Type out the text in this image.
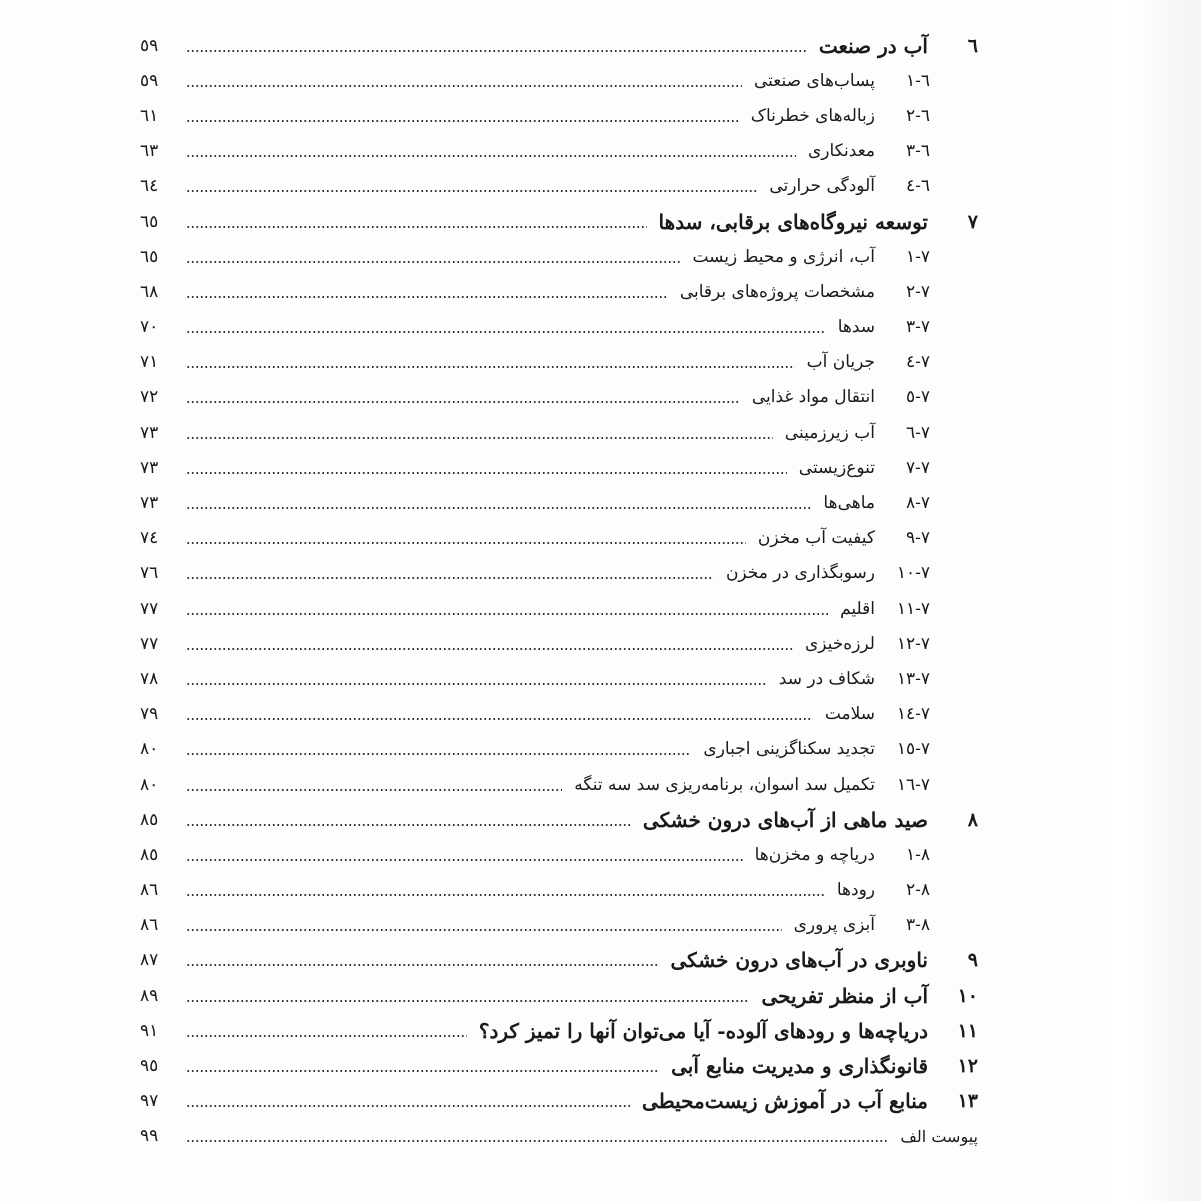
٦
آب در صنعت
٥٩
٦-١
پساب‌های صنعتی
٥٩
٦-٢
زباله‌های خطرناک
٦١
٦-٣
معدنکاری
٦٣
٦-٤
آلودگی حرارتی
٦٤
٧
توسعه نیروگاه‌های برقابی، سدها
٦٥
٧-١
آب، انرژی و محیط زیست
٦٥
٧-٢
مشخصات پروژه‌های برقابی
٦٨
٧-٣
سدها
٧٠
٧-٤
جریان آب
٧١
٧-٥
انتقال مواد غذایی
٧٢
٧-٦
آب زیرزمینی
٧٣
٧-٧
تنوع‌زیستی
٧٣
٧-٨
ماهی‌ها
٧٣
٧-٩
کیفیت آب مخزن
٧٤
٧-١٠
رسوبگذاری در مخزن
٧٦
٧-١١
اقلیم
٧٧
٧-١٢
لرزه‌خیزی
٧٧
٧-١٣
شکاف در سد
٧٨
٧-١٤
سلامت
٧٩
٧-١٥
تجدید سکناگزینی اجباری
٨٠
٧-١٦
تکمیل سد اسوان، برنامه‌ریزی سد سه تنگه
٨٠
٨
صید ماهی از آب‌های درون خشکی
٨٥
٨-١
دریاچه و مخزن‌ها
٨٥
٨-٢
رودها
٨٦
٨-٣
آبزی پروری
٨٦
٩
ناوبری در آب‌های درون خشکی
٨٧
١٠
آب از منظر تفریحی
٨٩
١١
دریاچه‌ها و رودهای آلوده- آیا می‌توان آنها را تمیز کرد؟
٩١
١٢
قانونگذاری و مدیریت منابع آبی
٩٥
١٣
منابع آب در آموزش زیست‌محیطی
٩٧
پیوست الف
٩٩
